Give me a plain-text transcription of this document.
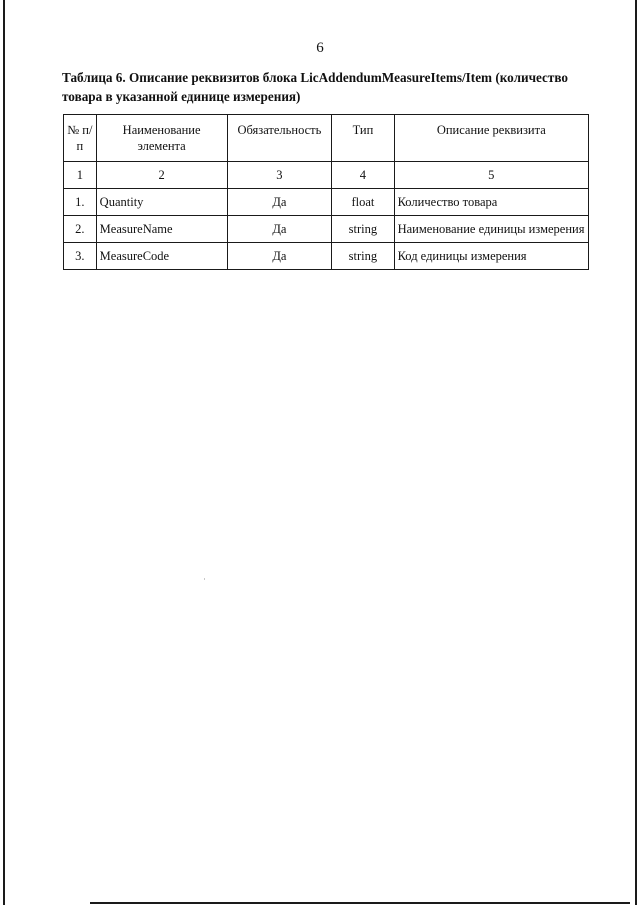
6
Таблица 6. Описание реквизитов блока LicAddendumMeasureItems/Item (количество товара в указанной единице измерения)
№ п/п	Наименование элемента	Обязательность	Тип	Описание реквизита
1	2	3	4	5
1.	Quantity	Да	float	Количество товара
2.	MeasureName	Да	string	Наименование единицы измерения
3.	MeasureCode	Да	string	Код единицы измерения
